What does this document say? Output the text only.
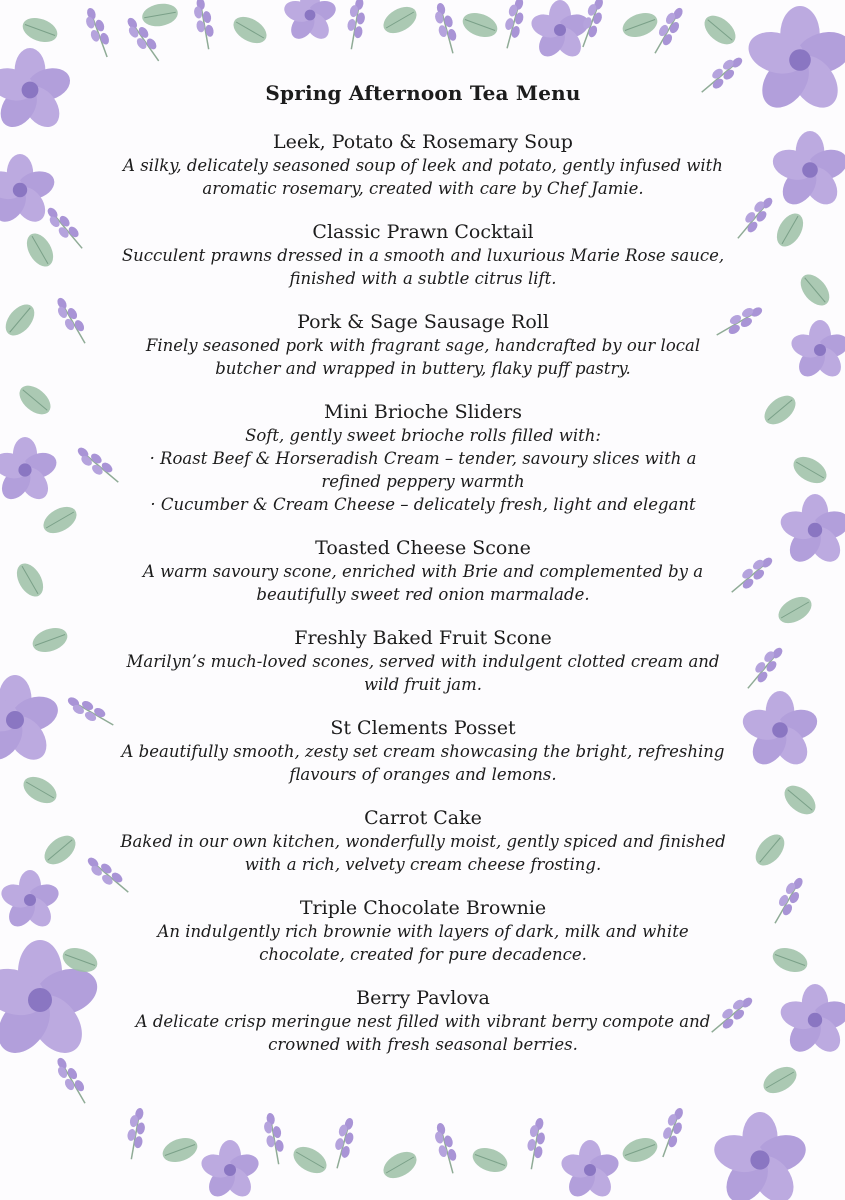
Spring Afternoon Tea Menu

Leek, Potato & Rosemary Soup

A silky, delicately seasoned soup of leek and potato, gently infused with aromatic rosemary, created with care by Chef Jamie.

Classic Prawn Cocktail

Succulent prawns dressed in a smooth and luxurious Marie Rose sauce, finished with a subtle citrus lift.

Pork & Sage Sausage Roll

Finely seasoned pork with fragrant sage, handcrafted by our local butcher and wrapped in buttery, flaky puff pastry.

Mini Brioche Sliders

Soft, gently sweet brioche rolls filled with:

· Roast Beef & Horseradish Cream – tender, savoury slices with a refined peppery warmth

· Cucumber & Cream Cheese – delicately fresh, light and elegant

Toasted Cheese Scone

A warm savoury scone, enriched with Brie and complemented by a beautifully sweet red onion marmalade.

Freshly Baked Fruit Scone

Marilyn’s much-loved scones, served with indulgent clotted cream and wild fruit jam.

St Clements Posset

A beautifully smooth, zesty set cream showcasing the bright, refreshing flavours of oranges and lemons.

Carrot Cake

Baked in our own kitchen, wonderfully moist, gently spiced and finished with a rich, velvety cream cheese frosting.

Triple Chocolate Brownie

An indulgently rich brownie with layers of dark, milk and white chocolate, created for pure decadence.

Berry Pavlova

A delicate crisp meringue nest filled with vibrant berry compote and crowned with fresh seasonal berries.
